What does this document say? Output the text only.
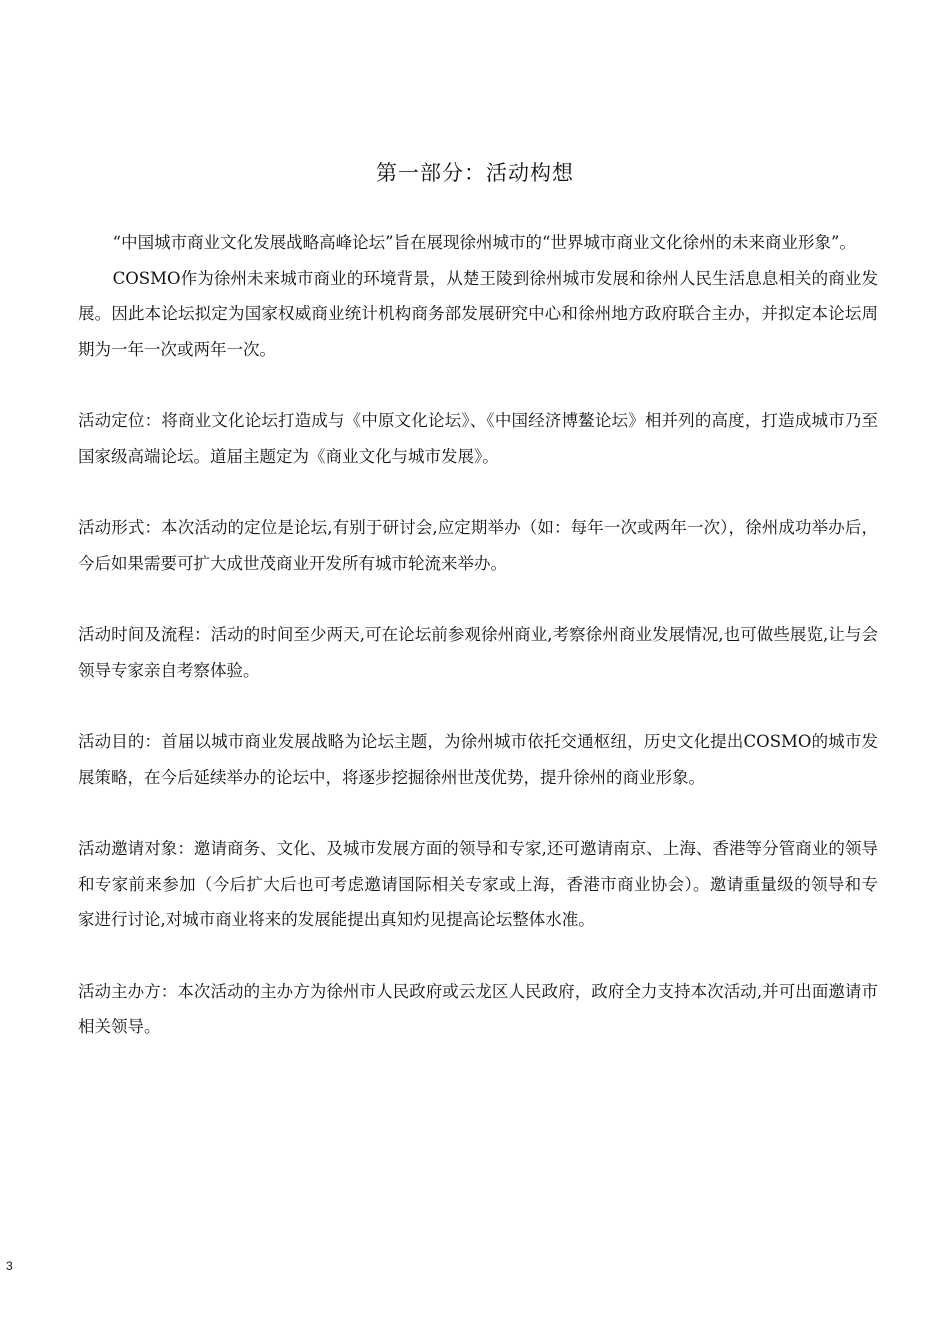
第一部分：活动构想

“中国城市商业文化发展战略高峰论坛”旨在展现徐州城市的“世界城市商业文化徐州的未来商业形象”。

COSMO作为徐州未来城市商业的环境背景，从楚王陵到徐州城市发展和徐州人民生活息息相关的商业发展。因此本论坛拟定为国家权威商业统计机构商务部发展研究中心和徐州地方政府联合主办，并拟定本论坛周期为一年一次或两年一次。

活动定位：将商业文化论坛打造成与《中原文化论坛》、《中国经济博鳌论坛》相并列的高度，打造成城市乃至国家级高端论坛。道届主题定为《商业文化与城市发展》。

活动形式：本次活动的定位是论坛,有别于研讨会,应定期举办（如：每年一次或两年一次），徐州成功举办后，今后如果需要可扩大成世茂商业开发所有城市轮流来举办。

活动时间及流程：活动的时间至少两天,可在论坛前参观徐州商业,考察徐州商业发展情况,也可做些展览,让与会领导专家亲自考察体验。

活动目的：首届以城市商业发展战略为论坛主题，为徐州城市依托交通枢纽，历史文化提出COSMO的城市发展策略，在今后延续举办的论坛中，将逐步挖掘徐州世茂优势，提升徐州的商业形象。

活动邀请对象：邀请商务、文化、及城市发展方面的领导和专家,还可邀请南京、上海、香港等分管商业的领导和专家前来参加（今后扩大后也可考虑邀请国际相关专家或上海，香港市商业协会）。邀请重量级的领导和专家进行讨论,对城市商业将来的发展能提出真知灼见提高论坛整体水准。

活动主办方：本次活动的主办方为徐州市人民政府或云龙区人民政府，政府全力支持本次活动,并可出面邀请市相关领导。

3
